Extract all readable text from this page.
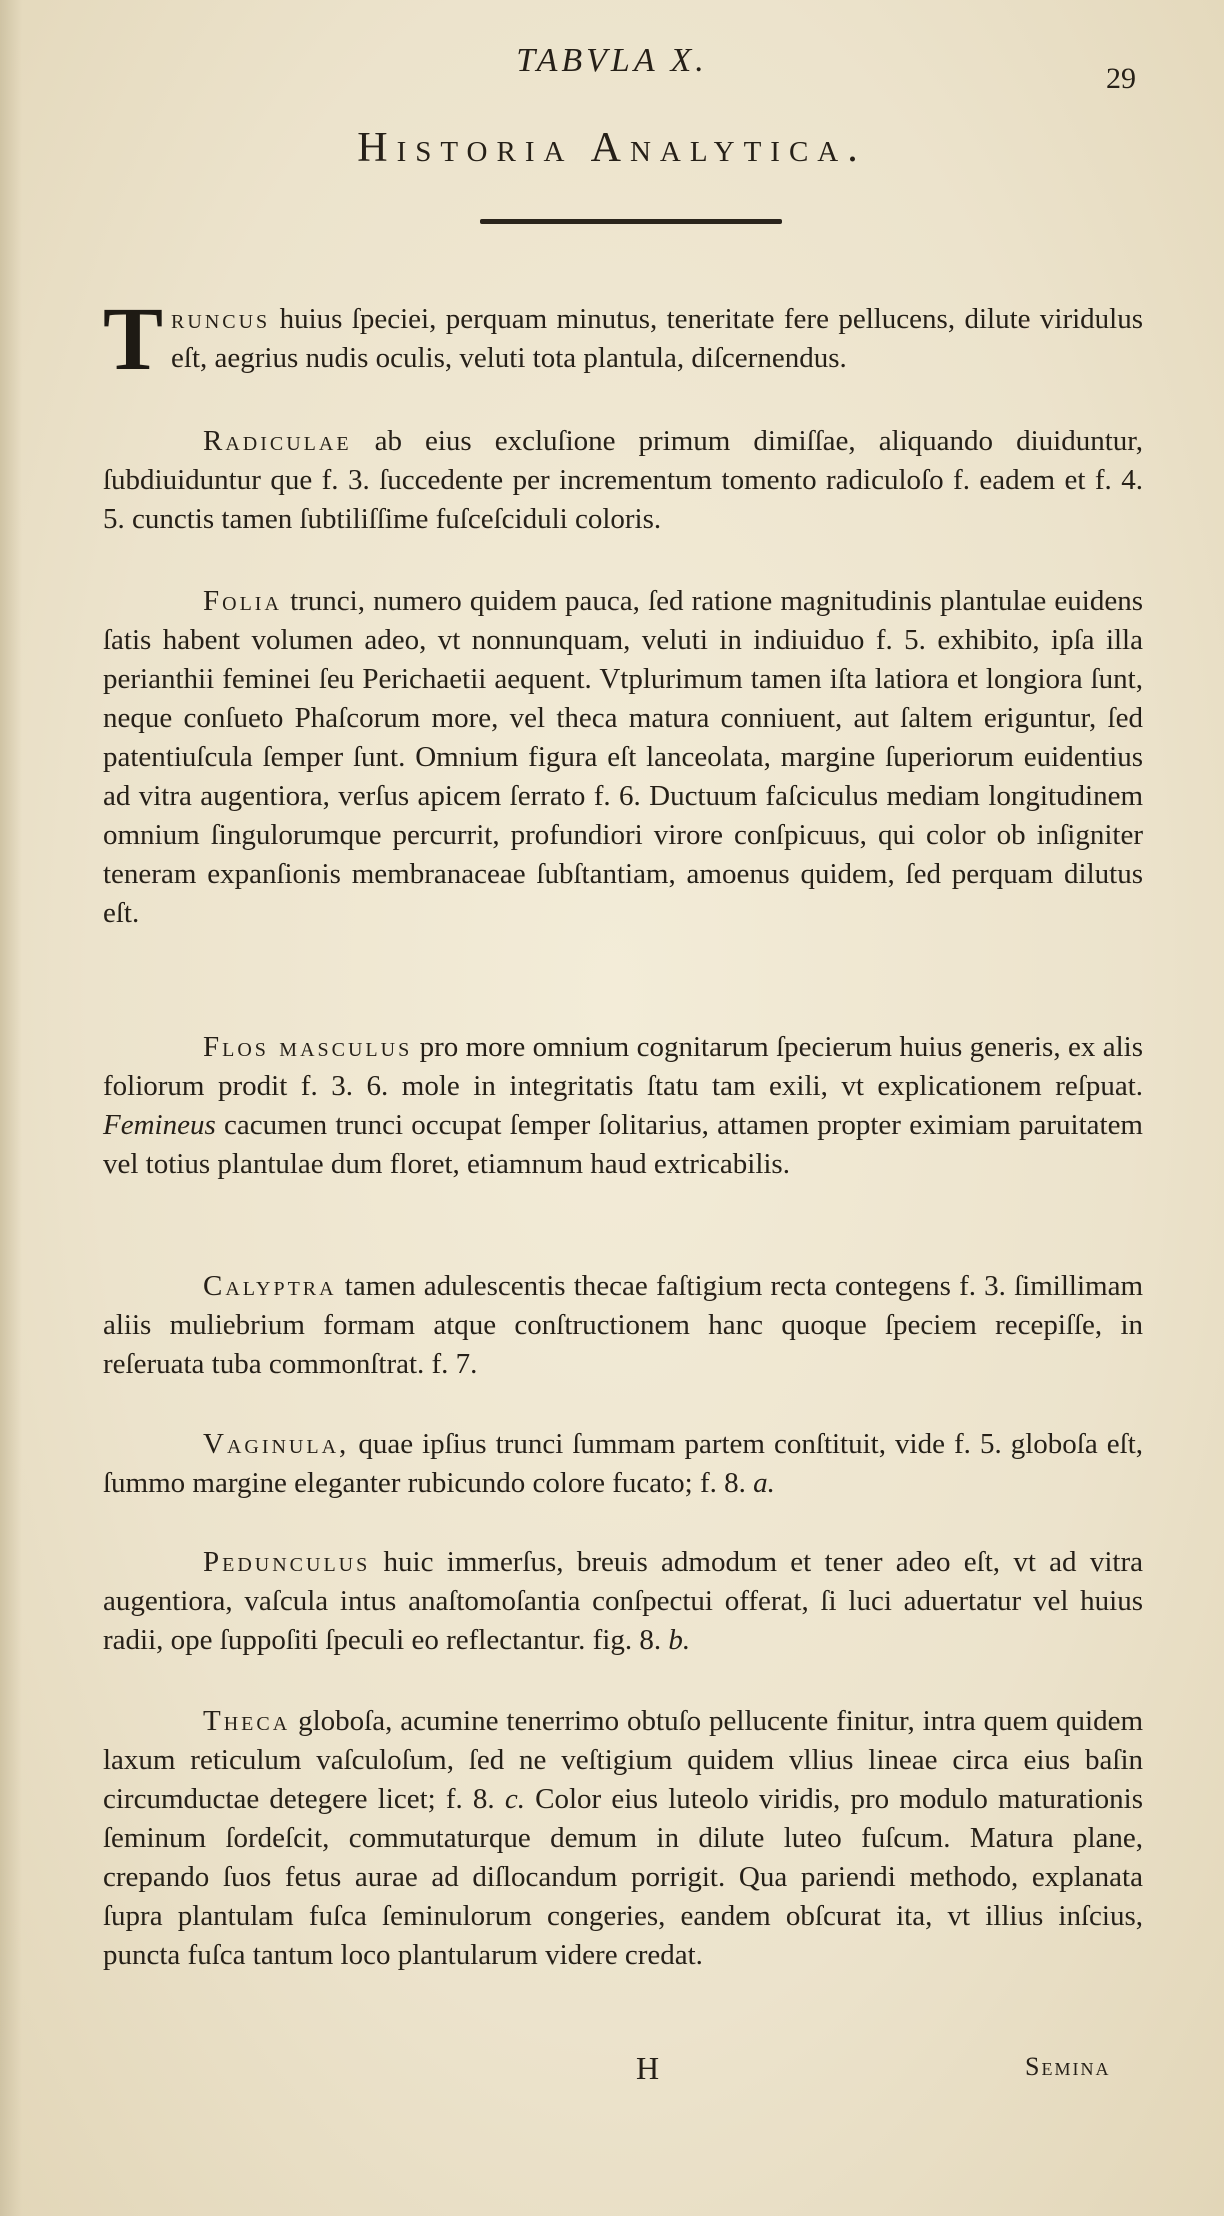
TABVLA X.	29
Historia Analytica.
Truncus huius ſpeciei, perquam minutus, teneritate fere pellucens, dilute viridulus eſt, aegrius nudis oculis, veluti tota plantula, diſcernendus.
Radiculae ab eius excluſione primum dimiſſae, aliquando diuiduntur, ſubdiuiduntur que f. 3. ſuccedente per incrementum tomento radiculoſo f. eadem et f. 4. 5. cunctis tamen ſubtiliſſime fuſceſciduli coloris.
Folia trunci, numero quidem pauca, ſed ratione magnitudinis plantulae euidens ſatis habent volumen adeo, vt nonnunquam, veluti in indiuiduo f. 5. exhibito, ipſa illa perianthii feminei ſeu Perichaetii aequent. Vtplurimum tamen iſta latiora et longiora ſunt, neque conſueto Phaſcorum more, vel theca matura conniuent, aut ſaltem eriguntur, ſed patentiuſcula ſemper ſunt. Omnium figura eſt lanceolata, margine ſuperiorum euidentius ad vitra augentiora, verſus apicem ſerrato f. 6. Ductuum faſciculus mediam longitudinem omnium ſingulorumque percurrit, profundiori virore conſpicuus, qui color ob inſigniter teneram expanſionis membranaceae ſubſtantiam, amoenus quidem, ſed perquam dilutus eſt.
Flos masculus pro more omnium cognitarum ſpecierum huius generis, ex alis foliorum prodit f. 3. 6. mole in integritatis ſtatu tam exili, vt explicationem reſpuat. Femineus cacumen trunci occupat ſemper ſolitarius, attamen propter eximiam paruitatem vel totius plantulae dum floret, etiamnum haud extricabilis.
Calyptra tamen adulescentis thecae faſtigium recta contegens f. 3. ſimillimam aliis muliebrium formam atque conſtructionem hanc quoque ſpeciem recepiſſe, in reſeruata tuba commonſtrat. f. 7.
Vaginula, quae ipſius trunci ſummam partem conſtituit, vide f. 5. globoſa eſt, ſummo margine eleganter rubicundo colore fucato; f. 8. a.
Pedunculus huic immerſus, breuis admodum et tener adeo eſt, vt ad vitra augentiora, vaſcula intus anaſtomoſantia conſpectui offerat, ſi luci aduertatur vel huius radii, ope ſuppoſiti ſpeculi eo reflectantur. fig. 8. b.
Theca globoſa, acumine tenerrimo obtuſo pellucente finitur, intra quem quidem laxum reticulum vaſculoſum, ſed ne veſtigium quidem vllius lineae circa eius baſin circumductae detegere licet; f. 8. c. Color eius luteolo viridis, pro modulo maturationis ſeminum ſordeſcit, commutaturque demum in dilute luteo fuſcum. Matura plane, crepando ſuos fetus aurae ad diſlocandum porrigit. Qua pariendi methodo, explanata ſupra plantulam fuſca ſeminulorum congeries, eandem obſcurat ita, vt illius inſcius, puncta fuſca tantum loco plantularum videre credat.
H	Semina
